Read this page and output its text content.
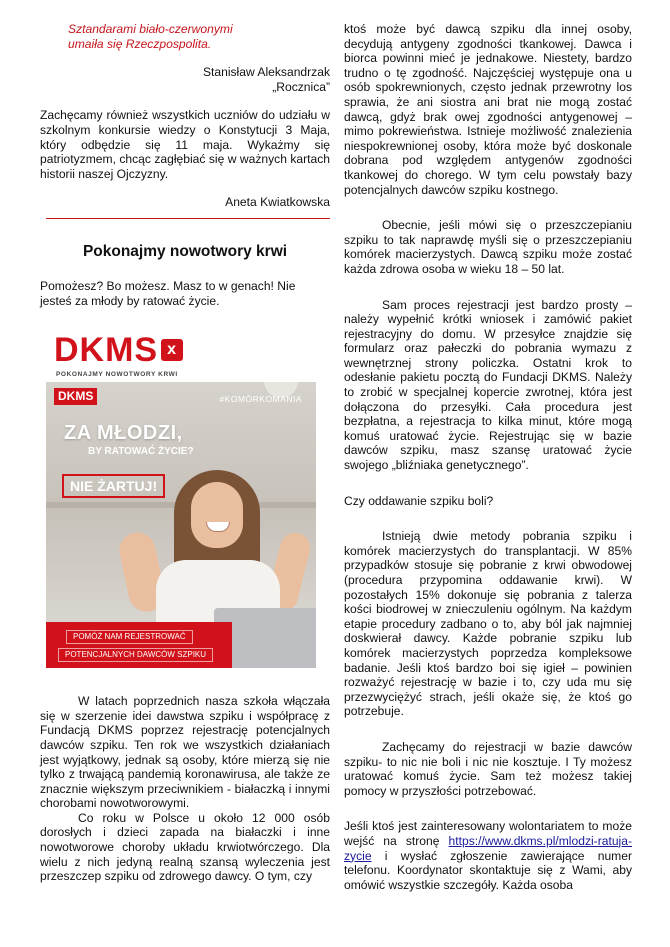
Sztandarami biało-czerwonymi

umaiła się Rzeczpospolita.

Stanisław Aleksandrzak

„Rocznica”

Zachęcamy również wszystkich uczniów do udziału w szkolnym konkursie wiedzy o Konstytucji 3 Maja, który odbędzie się 11 maja. Wykażmy się patriotyzmem, chcąc zagłębiać się w ważnych kartach historii naszej Ojczyzny.

Aneta Kwiatkowska

Pokonajmy nowotwory krwi

Pomożesz? Bo możesz. Masz to w genach! Nie jesteś za młody by ratować życie.

DKMS x
POKONAJMY NOWOTWORY KRWI
DKMS	#KOMÓRKOMANIA
ZA MŁODZI,
BY RATOWAĆ ŻYCIE?
NIE ŻARTUJ!
POMÓŻ NAM REJESTROWAĆ
POTENCJALNYCH DAWCÓW SZPIKU

W latach poprzednich nasza szkoła włączała się w szerzenie idei dawstwa szpiku i współpracę z Fundacją DKMS poprzez rejestrację potencjalnych dawców szpiku. Ten rok we wszystkich działaniach jest wyjątkowy, jednak są osoby, które mierzą się nie tylko z trwającą pandemią koronawirusa, ale także ze znacznie większym przeciwnikiem - białaczką i innymi chorobami nowotworowymi.

Co roku w Polsce u około 12 000 osób dorosłych i dzieci zapada na białaczki i inne nowotworowe choroby układu krwiotwórczego. Dla wielu z nich jedyną realną szansą wyleczenia jest przeszczep szpiku od zdrowego dawcy. O tym, czy

ktoś może być dawcą szpiku dla innej osoby, decydują antygeny zgodności tkankowej. Dawca i biorca powinni mieć je jednakowe. Niestety, bardzo trudno o tę zgodność. Najczęściej występuje ona u osób spokrewnionych, często jednak przewrotny los sprawia, że ani siostra ani brat nie mogą zostać dawcą, gdyż brak owej zgodności antygenowej – mimo pokrewieństwa. Istnieje możliwość znalezienia niespokrewnionej osoby, która może być doskonale dobrana pod względem antygenów zgodności tkankowej do chorego. W tym celu powstały bazy potencjalnych dawców szpiku kostnego.

Obecnie, jeśli mówi się o przeszczepianiu szpiku to tak naprawdę myśli się o przeszczepianiu komórek macierzystych. Dawcą szpiku może zostać każda zdrowa osoba w wieku 18 – 50 lat.

Sam proces rejestracji jest bardzo prosty – należy wypełnić krótki wniosek i zamówić pakiet rejestracyjny do domu. W przesyłce znajdzie się formularz oraz pałeczki do pobrania wymazu z wewnętrznej strony policzka. Ostatni krok to odesłanie pakietu pocztą do Fundacji DKMS. Należy to zrobić w specjalnej kopercie zwrotnej, która jest dołączona do przesyłki. Cała procedura jest bezpłatna, a rejestracja to kilka minut, które mogą komuś uratować życie. Rejestrując się w bazie dawców szpiku, masz szansę uratować życie swojego „bliźniaka genetycznego”.

Czy oddawanie szpiku boli?

Istnieją dwie metody pobrania szpiku i komórek macierzystych do transplantacji. W 85% przypadków stosuje się pobranie z krwi obwodowej (procedura przypomina oddawanie krwi). W pozostałych 15% dokonuje się pobrania z talerza kości biodrowej w znieczuleniu ogólnym. Na każdym etapie procedury zadbano o to, aby ból jak najmniej doskwierał dawcy. Każde pobranie szpiku lub komórek macierzystych poprzedza kompleksowe badanie. Jeśli ktoś bardzo boi się igieł – powinien rozważyć rejestrację w bazie i to, czy uda mu się przezwyciężyć strach, jeśli okaże się, że ktoś go potrzebuje.

Zachęcamy do rejestracji w bazie dawców szpiku- to nic nie boli i nic nie kosztuje. I Ty możesz uratować komuś życie. Sam też możesz takiej pomocy w przyszłości potrzebować.

Jeśli ktoś jest zainteresowany wolontariatem to może wejść na stronę https://www.dkms.pl/mlodzi-ratuja-zycie i wysłać zgłoszenie zawierające numer telefonu. Koordynator skontaktuje się z Wami, aby omówić wszystkie szczegóły. Każda osoba
